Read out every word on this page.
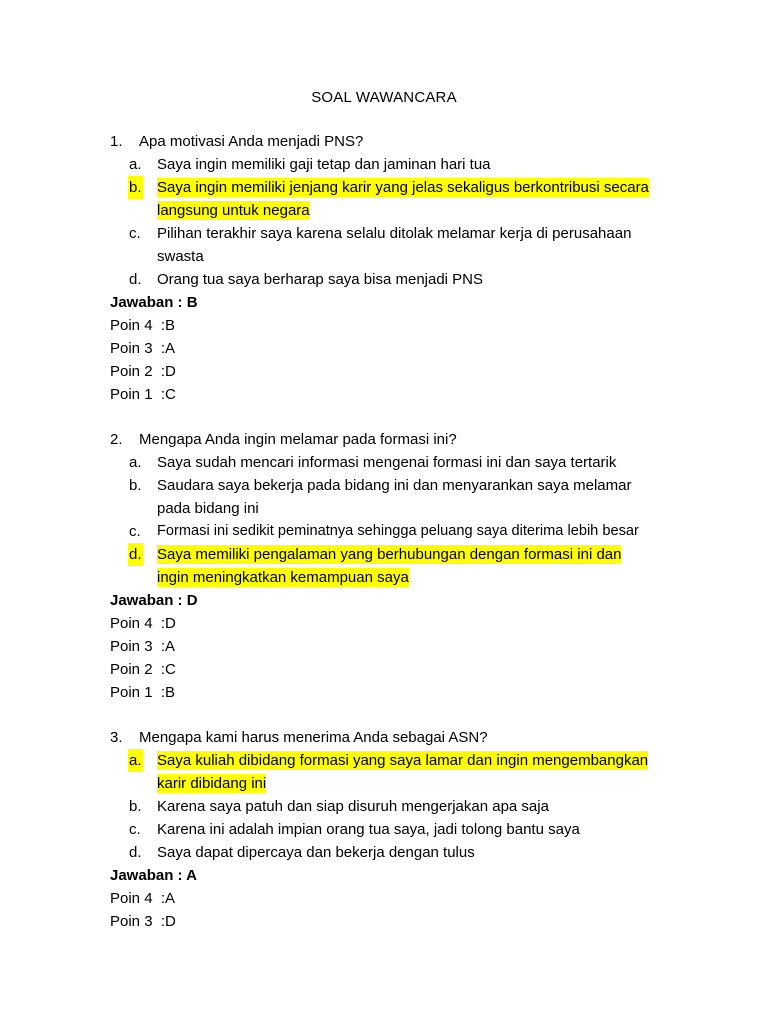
SOAL WAWANCARA
1. Apa motivasi Anda menjadi PNS?
a. Saya ingin memiliki gaji tetap dan jaminan hari tua
b. Saya ingin memiliki jenjang karir yang jelas sekaligus berkontribusi secara langsung untuk negara
c. Pilihan terakhir saya karena selalu ditolak melamar kerja di perusahaan swasta
d. Orang tua saya berharap saya bisa menjadi PNS
Jawaban : B
Poin 4  :B
Poin 3  :A
Poin 2  :D
Poin 1  :C
2. Mengapa Anda ingin melamar pada formasi ini?
a. Saya sudah mencari informasi mengenai formasi ini dan saya tertarik
b. Saudara saya bekerja pada bidang ini dan menyarankan saya melamar pada bidang ini
c. Formasi ini sedikit peminatnya sehingga peluang saya diterima lebih besar
d. Saya memiliki pengalaman yang berhubungan dengan formasi ini dan ingin meningkatkan kemampuan saya
Jawaban : D
Poin 4  :D
Poin 3  :A
Poin 2  :C
Poin 1  :B
3. Mengapa kami harus menerima Anda sebagai ASN?
a. Saya kuliah dibidang formasi yang saya lamar dan ingin mengembangkan karir dibidang ini
b. Karena saya patuh dan siap disuruh mengerjakan apa saja
c. Karena ini adalah impian orang tua saya, jadi tolong bantu saya
d. Saya dapat dipercaya dan bekerja dengan tulus
Jawaban : A
Poin 4  :A
Poin 3  :D
